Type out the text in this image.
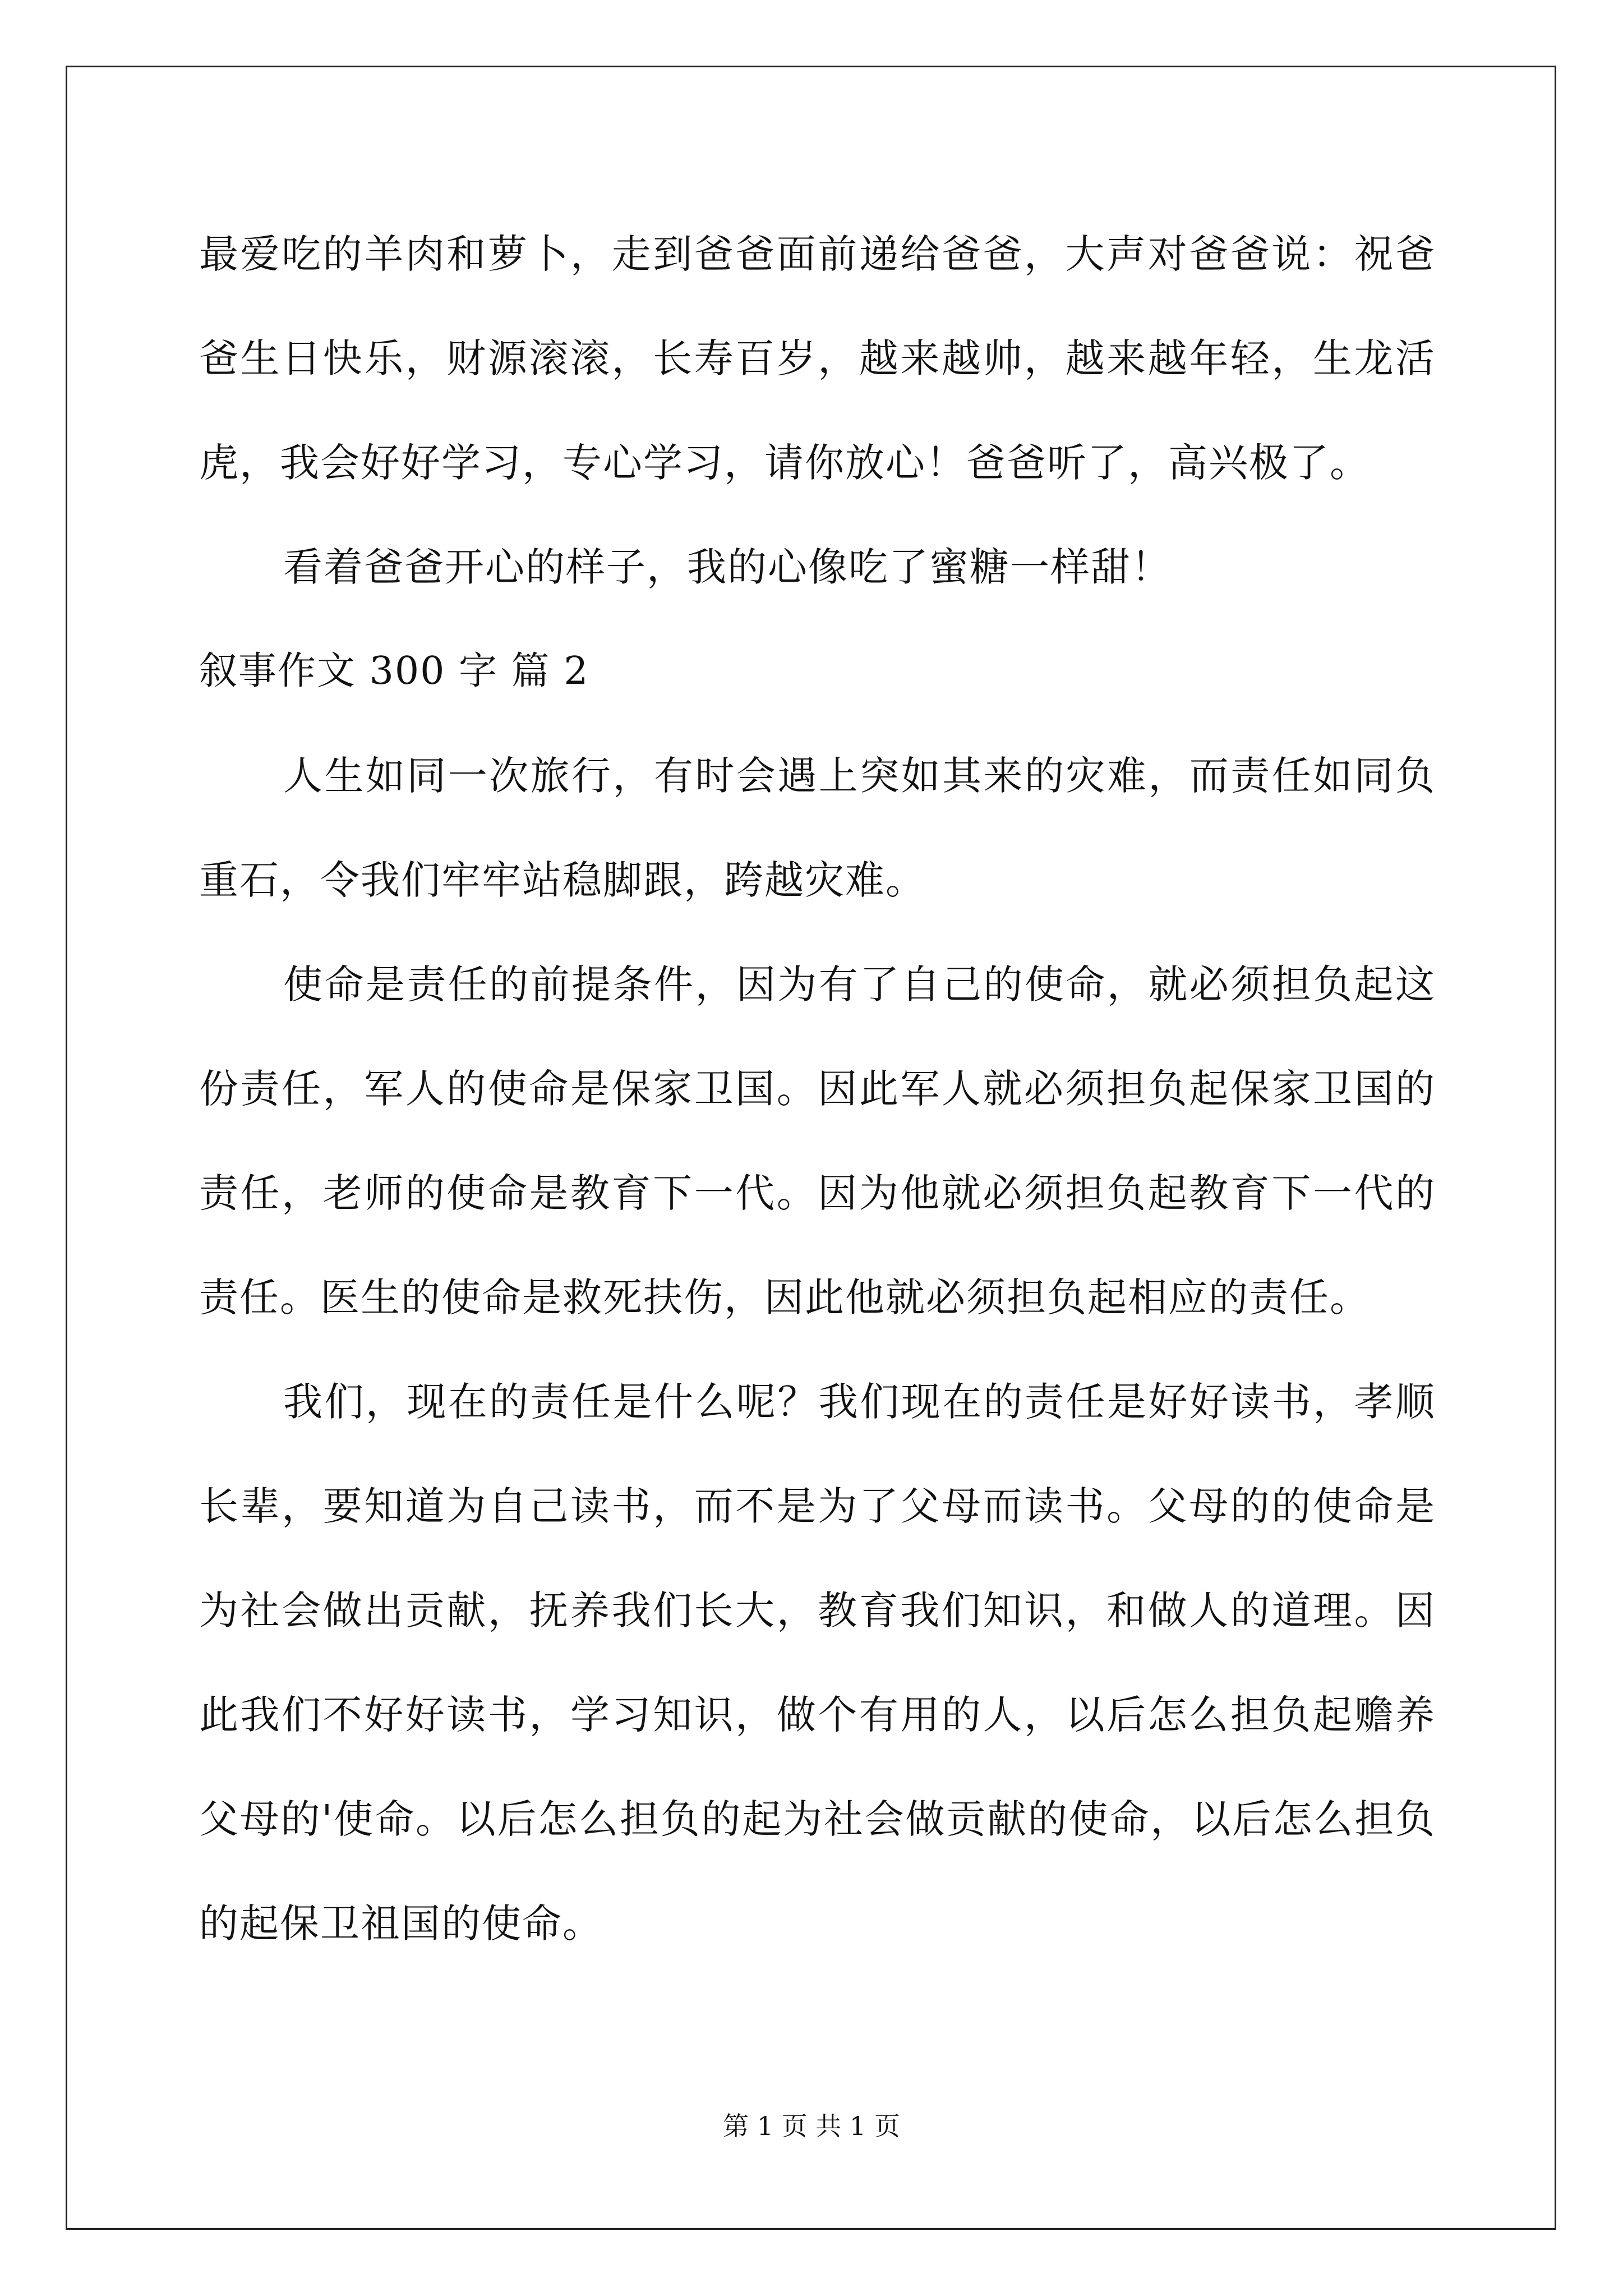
最爱吃的羊肉和萝卜，走到爸爸面前递给爸爸，大声对爸爸说：祝爸爸生日快乐，财源滚滚，长寿百岁，越来越帅，越来越年轻，生龙活虎，我会好好学习，专心学习，请你放心！爸爸听了，高兴极了。

看着爸爸开心的样子，我的心像吃了蜜糖一样甜！

叙事作文 300 字 篇 2

人生如同一次旅行，有时会遇上突如其来的灾难，而责任如同负重石，令我们牢牢站稳脚跟，跨越灾难。

使命是责任的前提条件，因为有了自己的使命，就必须担负起这份责任，军人的使命是保家卫国。因此军人就必须担负起保家卫国的责任，老师的使命是教育下一代。因为他就必须担负起教育下一代的责任。医生的使命是救死扶伤，因此他就必须担负起相应的责任。

我们，现在的责任是什么呢？我们现在的责任是好好读书，孝顺长辈，要知道为自己读书，而不是为了父母而读书。父母的的使命是为社会做出贡献，抚养我们长大，教育我们知识，和做人的道理。因此我们不好好读书，学习知识，做个有用的人，以后怎么担负起赡养父母的'使命。以后怎么担负的起为社会做贡献的使命，以后怎么担负的起保卫祖国的使命。

第 1 页 共 1 页
